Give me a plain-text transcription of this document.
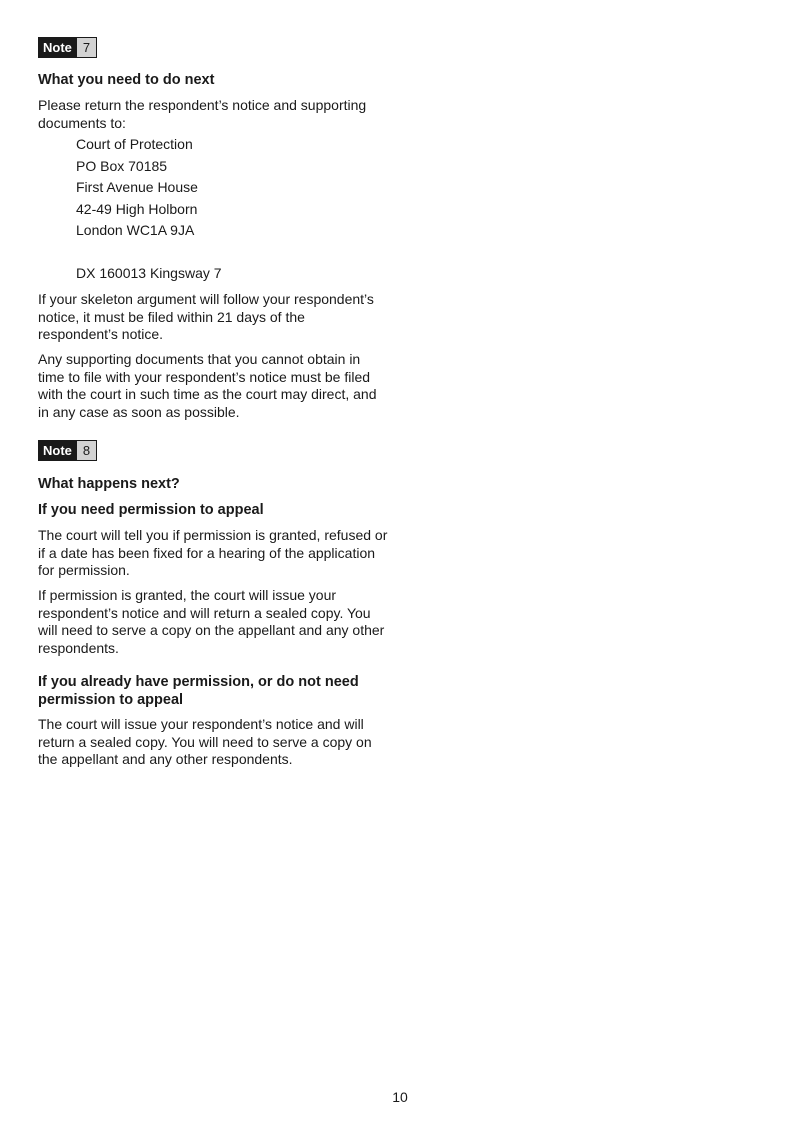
Note 7
What you need to do next

Please return the respondent’s notice and supporting documents to:

Court of Protection
PO Box 70185
First Avenue House
42-49 High Holborn
London WC1A 9JA
DX 160013 Kingsway 7

If your skeleton argument will follow your respondent’s notice, it must be filed within 21 days of the respondent’s notice.

Any supporting documents that you cannot obtain in time to file with your respondent’s notice must be filed with the court in such time as the court may direct, and in any case as soon as possible.

Note 8
What happens next?
If you need permission to appeal

The court will tell you if permission is granted, refused or if a date has been fixed for a hearing of the application for permission.

If permission is granted, the court will issue your respondent’s notice and will return a sealed copy. You will need to serve a copy on the appellant and any other respondents.

If you already have permission, or do not need permission to appeal

The court will issue your respondent’s notice and will return a sealed copy. You will need to serve a copy on the appellant and any other respondents.

10
